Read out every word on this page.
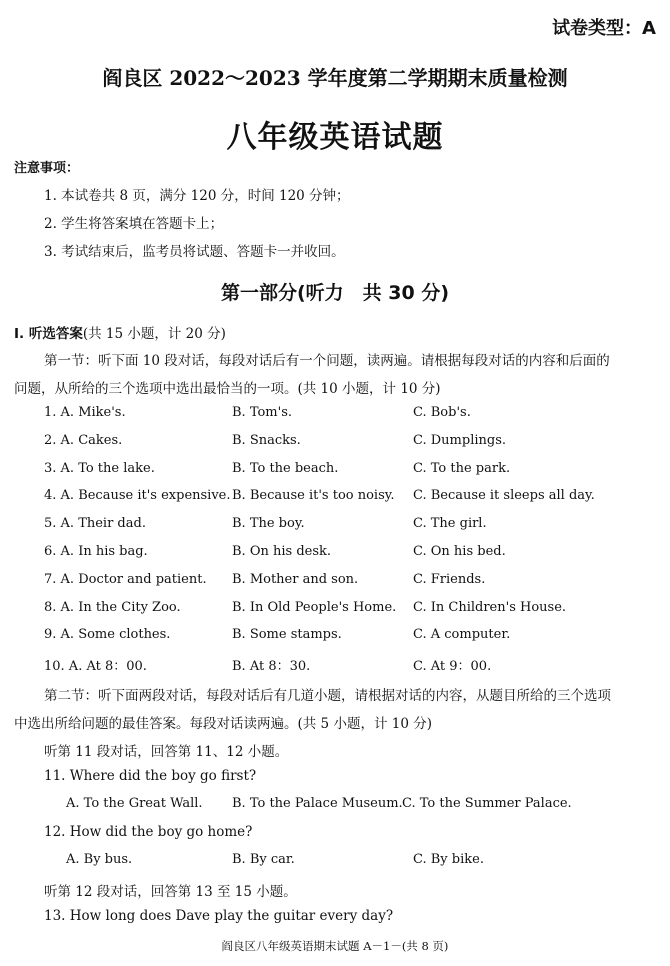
试卷类型：A
阎良区 2022～2023 学年度第二学期期末质量检测
八年级英语试题
注意事项：
1. 本试卷共 8 页，满分 120 分，时间 120 分钟；
2. 学生将答案填在答题卡上；
3. 考试结束后，监考员将试题、答题卡一并收回。
第一部分(听力　共 30 分)
Ⅰ. 听选答案(共 15 小题，计 20 分)
第一节：听下面 10 段对话，每段对话后有一个问题，读两遍。请根据每段对话的内容和后面的
问题，从所给的三个选项中选出最恰当的一项。(共 10 小题，计 10 分)
1. A. Mike's.	B. Tom's.	C. Bob's.
2. A. Cakes.	B. Snacks.	C. Dumplings.
3. A. To the lake.	B. To the beach.	C. To the park.
4. A. Because it's expensive. B. Because it's too noisy. C. Because it sleeps all day.
5. A. Their dad.	B. The boy.	C. The girl.
6. A. In his bag.	B. On his desk.	C. On his bed.
7. A. Doctor and patient. B. Mother and son.	C. Friends.
8. A. In the City Zoo.	B. In Old People's Home. C. In Children's House.
9. A. Some clothes.	B. Some stamps.	C. A computer.
10. A. At 8：00.	B. At 8：30.	C. At 9：00.
第二节：听下面两段对话，每段对话后有几道小题，请根据对话的内容，从题目所给的三个选项
中选出所给问题的最佳答案。每段对话读两遍。(共 5 小题，计 10 分)
听第 11 段对话，回答第 11、12 小题。
11. Where did the boy go first?
A. To the Great Wall. B. To the Palace Museum. C. To the Summer Palace.
12. How did the boy go home?
A. By bus.	B. By car.	C. By bike.
听第 12 段对话，回答第 13 至 15 小题。
13. How long does Dave play the guitar every day?
阎良区八年级英语期末试题 A－1－(共 8 页)
